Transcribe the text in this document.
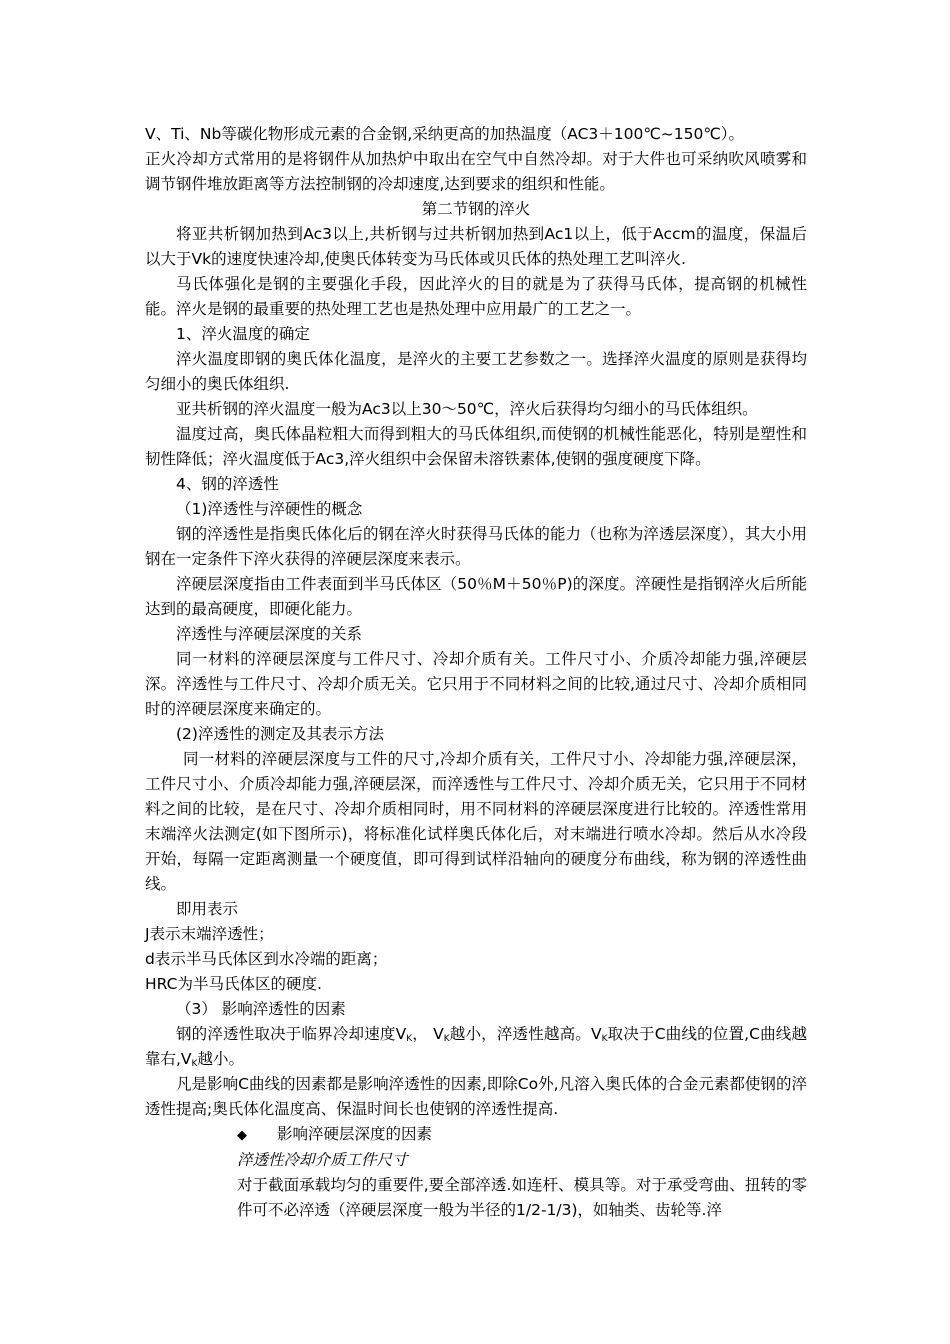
V、Ti、Nb等碳化物形成元素的合金钢,采纳更高的加热温度（AC3＋100℃~150℃）。

正火冷却方式常用的是将钢件从加热炉中取出在空气中自然冷却。对于大件也可采纳吹风喷雾和调节钢件堆放距离等方法控制钢的冷却速度,达到要求的组织和性能。

第二节钢的淬火

将亚共析钢加热到Ac3以上,共析钢与过共析钢加热到Ac1以上，低于Accm的温度，保温后以大于Vk的速度快速冷却,使奥氏体转变为马氏体或贝氏体的热处理工艺叫淬火.

马氏体强化是钢的主要强化手段，因此淬火的目的就是为了获得马氏体，提高钢的机械性能。淬火是钢的最重要的热处理工艺也是热处理中应用最广的工艺之一。

1、淬火温度的确定

淬火温度即钢的奥氏体化温度，是淬火的主要工艺参数之一。选择淬火温度的原则是获得均匀细小的奥氏体组织.

亚共析钢的淬火温度一般为Ac3以上30～50℃，淬火后获得均匀细小的马氏体组织。

温度过高，奥氏体晶粒粗大而得到粗大的马氏体组织,而使钢的机械性能恶化，特别是塑性和韧性降低；淬火温度低于Ac3,淬火组织中会保留未溶铁素体,使钢的强度硬度下降。

4、钢的淬透性

（1)淬透性与淬硬性的概念

钢的淬透性是指奥氏体化后的钢在淬火时获得马氏体的能力（也称为淬透层深度），其大小用钢在一定条件下淬火获得的淬硬层深度来表示。

淬硬层深度指由工件表面到半马氏体区（50％M＋50％P)的深度。淬硬性是指钢淬火后所能达到的最高硬度，即硬化能力。

淬透性与淬硬层深度的关系

同一材料的淬硬层深度与工件尺寸、冷却介质有关。工件尺寸小、介质冷却能力强,淬硬层深。淬透性与工件尺寸、冷却介质无关。它只用于不同材料之间的比较,通过尺寸、冷却介质相同时的淬硬层深度来确定的。

(2)淬透性的测定及其表示方法

同一材料的淬硬层深度与工件的尺寸,冷却介质有关，工件尺寸小、冷却能力强,淬硬层深，工件尺寸小、介质冷却能力强,淬硬层深，而淬透性与工件尺寸、冷却介质无关，它只用于不同材料之间的比较，是在尺寸、冷却介质相同时，用不同材料的淬硬层深度进行比较的。淬透性常用末端淬火法测定(如下图所示)，将标准化试样奥氏体化后，对末端进行喷水冷却。然后从水冷段开始，每隔一定距离测量一个硬度值，即可得到试样沿轴向的硬度分布曲线，称为钢的淬透性曲线。

即用表示

J表示末端淬透性；

d表示半马氏体区到水冷端的距离；

HRC为半马氏体区的硬度.

（3） 影响淬透性的因素

钢的淬透性取决于临界冷却速度$V_K$， $V_K$越小，淬透性越高。$V_K$取决于C曲线的位置,C曲线越靠右$,V_K$越小。

凡是影响C曲线的因素都是影响淬透性的因素,即除Co外,凡溶入奥氏体的合金元素都使钢的淬透性提高;奥氏体化温度高、保温时间长也使钢的淬透性提高.

◆ 影响淬硬层深度的因素

淬透性冷却介质工件尺寸

对于截面承载均匀的重要件,要全部淬透.如连杆、模具等。对于承受弯曲、扭转的零件可不必淬透（淬硬层深度一般为半径的1/2-1/3)，如轴类、齿轮等.淬
